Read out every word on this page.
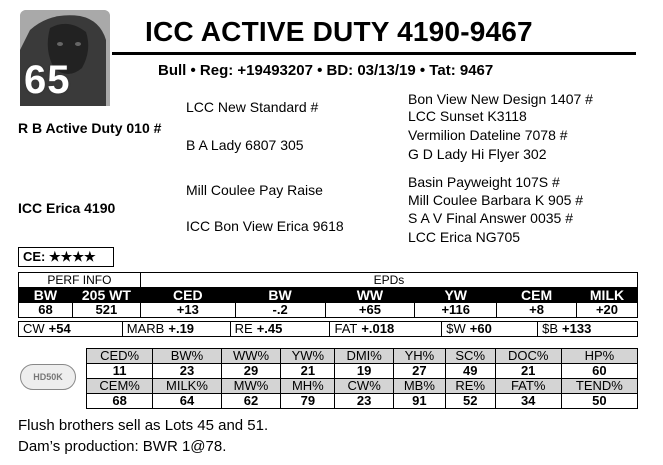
65
ICC ACTIVE DUTY 4190-9467
Bull • Reg: +19493207 • BD: 03/13/19 • Tat: 9467
R B Active Duty 010 #
LCC New Standard #
B A Lady 6807 305
Bon View New Design 1407 #
LCC Sunset K3118
Vermilion Dateline 7078 #
G D Lady Hi Flyer 302
ICC Erica 4190
Mill Coulee Pay Raise
ICC Bon View Erica 9618
Basin Payweight 107S #
Mill Coulee Barbara K 905 #
S A V Final Answer 0035 #
LCC Erica NG705
CE: ★★★★
PERF INFO		EPDs					
BW	205 WT	CED	BW	WW	YW	CEM	MILK
68	521	+13	-.2	+65	+116	+8	+20
CW +54	MARB +.19	RE +.45	FAT +.018	$W +60	$B +133
HD50K
CED%	BW%	WW%	YW%	DMI%	YH%	SC%	DOC%	HP%
11	23	29	21	19	27	49	21	60
CEM%	MILK%	MW%	MH%	CW%	MB%	RE%	FAT%	TEND%
68	64	62	79	23	91	52	34	50
Flush brothers sell as Lots 45 and 51.
Dam’s production: BWR 1@78.
